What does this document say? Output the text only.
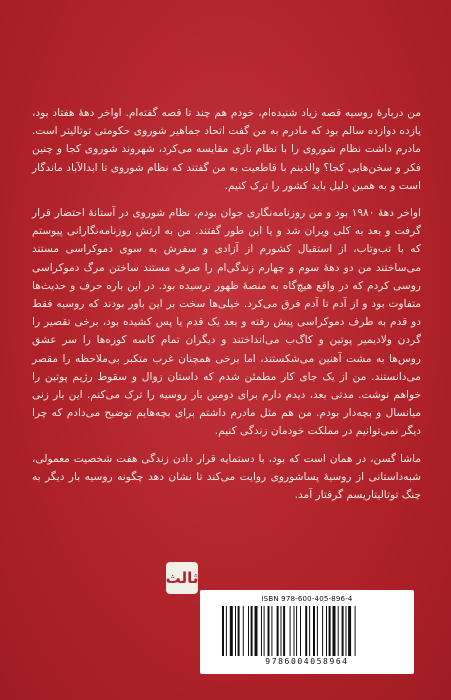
من دربارهٔ روسیه قصه زیاد شنیده‌ام، خودم هم چند تا قصه گفته‌ام. اواخر دههٔ هفتاد بود، یازده دوازده سالم بود که مادرم به من گفت اتحاد جماهیر شوروی حکومتی توتالیتر است. مادرم داشت نظام شوروی را با نظام نازی مقایسه می‌کرد، شهروند شوروی کجا و چنین فکر و سخن‌هایی کجا؟ والدینم با قاطعیت به من گفتند که نظام شوروی تا ابدالآباد ماندگار است و به همین دلیل باید کشور را ترک کنیم.

اواخر دههٔ ۱۹۸۰ بود و من روزنامه‌نگاری جوان بودم، نظام شوروی در آستانهٔ احتضار قرار گرفت و بعد به کلی ویران شد و یا این طور گفتند. من به ارتش روزنامه‌نگارانی پیوستم که با تب‌وتاب، از استقبال کشورم از آزادی و سفرش به سوی دموکراسی مستند می‌ساختند من دو دههٔ سوم و چهارم زندگی‌ام را صرف مستند ساختن مرگ دموکراسی روسی کردم که در واقع هیچ‌گاه به منصهٔ ظهور نرسیده بود. در این باره حرف و حدیث‌ها متفاوت بود و از آدم تا آدم فرق می‌کرد. خیلی‌ها سخت بر این باور بودند که روسیه فقط دو قدم به طرف دموکراسی پیش رفته و بعد یک قدم یا پس کشیده بود، برخی تقصیر را گردن ولادیمیر پوتین و کاگ‌ب می‌انداختند و دیگران تمام کاسه کوزه‌ها را سر عشق روس‌ها به مشت آهنین می‌شکستند، اما برخی همچنان غرب متکبر بی‌ملاحظه را مقصر می‌دانستند. من از یک جای کار مطمئن شدم که داستان زوال و سقوط رژیم پوتین را خواهم نوشت. مدتی بعد، دیدم دارم برای دومین بار روسیه را ترک می‌کنم. این بار زنی میانسال و بچه‌دار بودم. من هم مثل مادرم داشتم برای بچه‌هایم توضیح می‌دادم که چرا دیگر نمی‌توانیم در مملکت خودمان زندگی کنیم.

ماشا گسن، در همان است که بود، با دستمایه قرار دادن زندگی هفت شخصیت معمولی، شبه‌داستانی از روسیهٔ پساشوروی روایت می‌کند تا نشان دهد چگونه روسیه بار دیگر به چنگ توتالیتاریسم گرفتار آمد.

ثالث
ISBN 978-600-405-896-4
9786004058964
